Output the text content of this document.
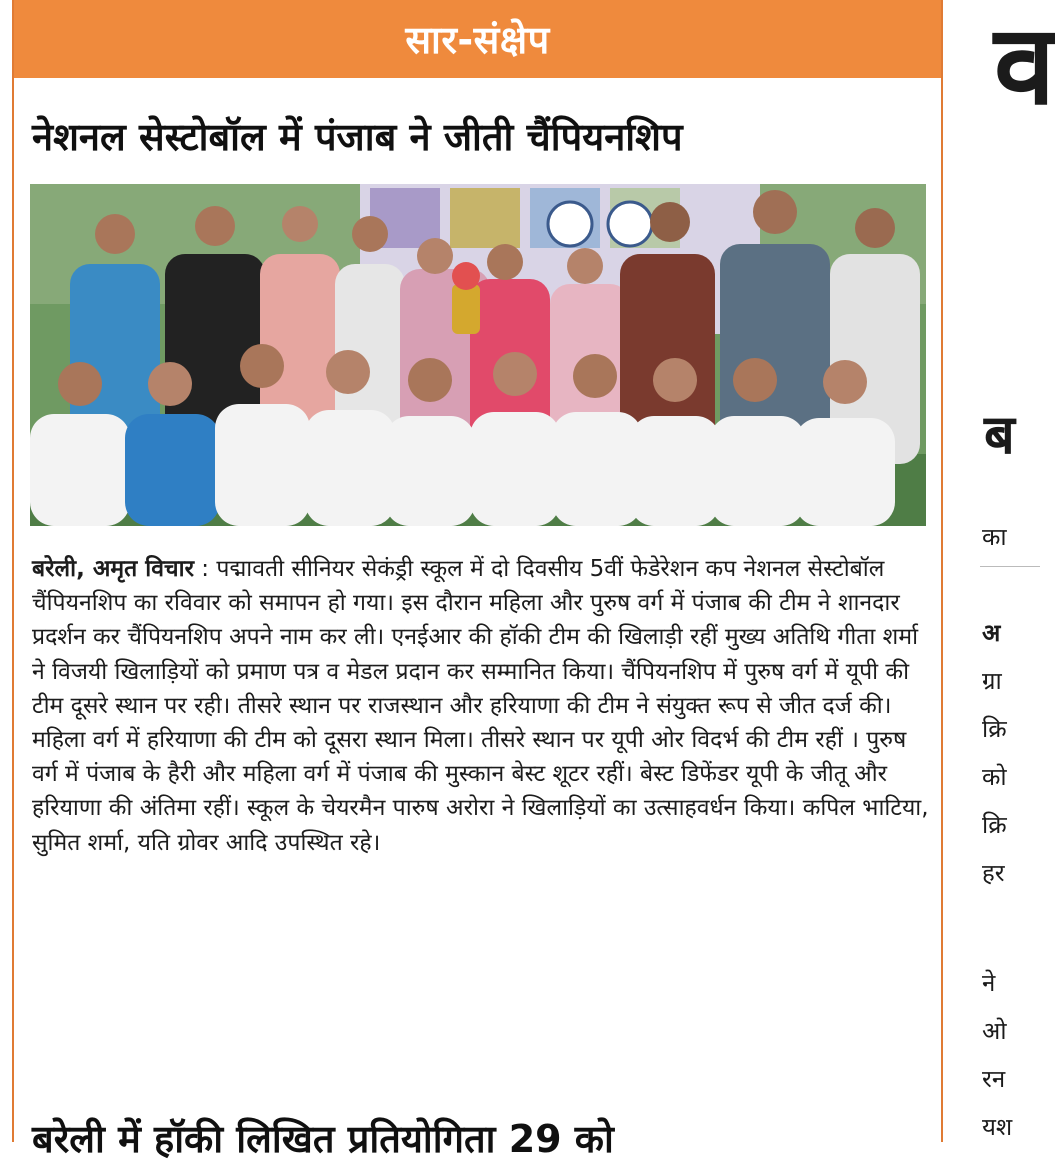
सार-संक्षेप
नेशनल सेस्टोबॉल में पंजाब ने जीती चैंपियनशिप

बरेली, अमृत विचार : पद्मावती सीनियर सेकंड्री स्कूल में दो दिवसीय 5वीं फेडेरेशन कप नेशनल सेस्टोबॉल चैंपियनशिप का रविवार को समापन हो गया। इस दौरान महिला और पुरुष वर्ग में पंजाब की टीम ने शानदार प्रदर्शन कर चैंपियनशिप अपने नाम कर ली। एनईआर की हॉकी टीम की खिलाड़ी रहीं मुख्य अतिथि गीता शर्मा ने विजयी खिलाड़ियों को प्रमाण पत्र व मेडल प्रदान कर सम्मानित किया। चैंपियनशिप में पुरुष वर्ग में यूपी की टीम दूसरे स्थान पर रही। तीसरे स्थान पर राजस्थान और हरियाणा की टीम ने संयुक्त रूप से जीत दर्ज की। महिला वर्ग में हरियाणा की टीम को दूसरा स्थान मिला। तीसरे स्थान पर यूपी ओर विदर्भ की टीम रहीं । पुरुष वर्ग में पंजाब के हैरी और महिला वर्ग में पंजाब की मुस्कान बेस्ट शूटर रहीं। बेस्ट डिफेंडर यूपी के जीतू और हरियाणा की अंतिमा रहीं। स्कूल के चेयरमैन पारुष अरोरा ने खिलाड़ियों का उत्साहवर्धन किया। कपिल भाटिया, सुमित शर्मा, यति ग्रोवर आदि उपस्थित रहे।

बरेली में हॉकी लिखित प्रतियोगिता 29 को
व
ब
का
अ
ग्रा
क्रि
को
क्रि
हर
ने
ओ
रन
यश
